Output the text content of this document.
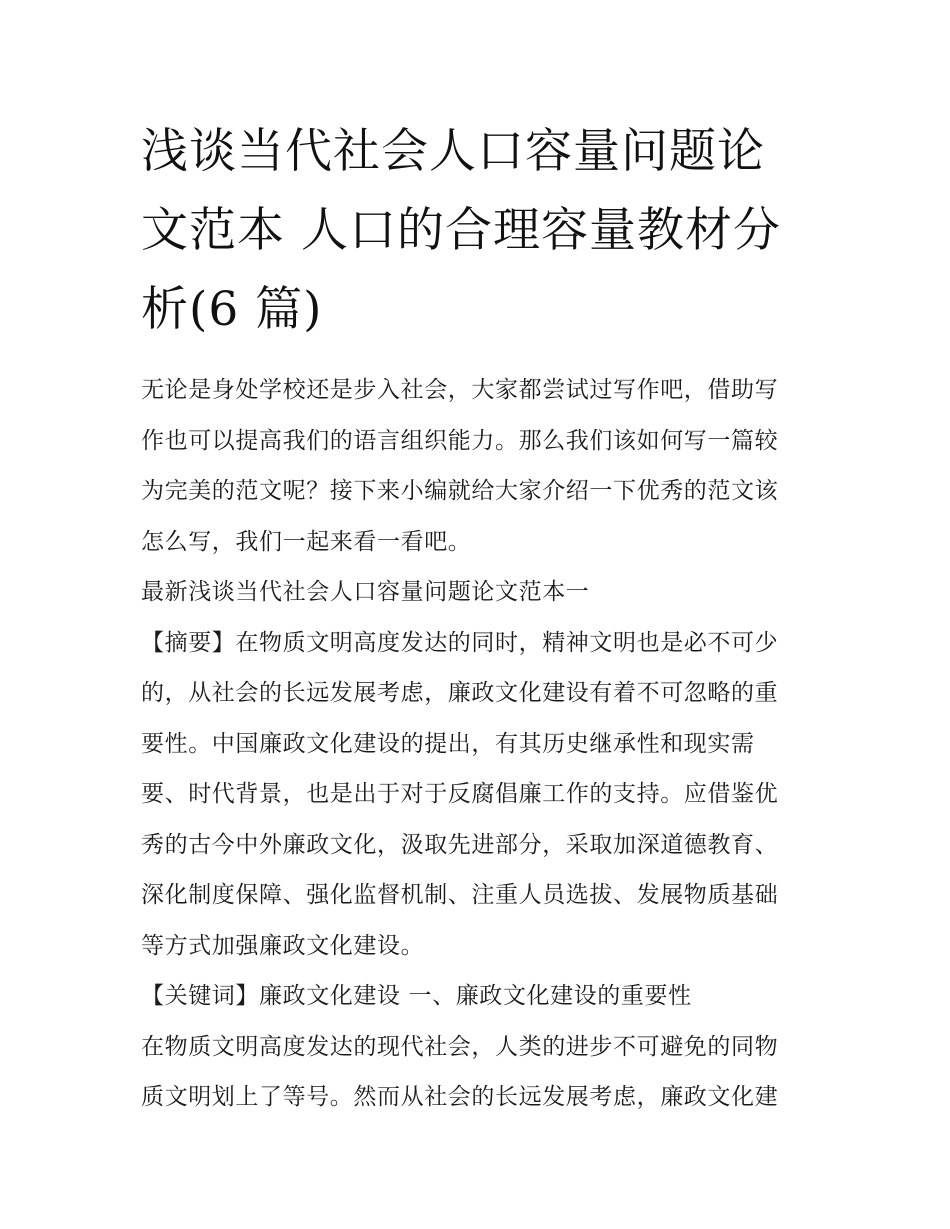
浅谈当代社会人口容量问题论
文范本 人口的合理容量教材分
析(6 篇)

无论是身处学校还是步入社会，大家都尝试过写作吧，借助写
作也可以提高我们的语言组织能力。那么我们该如何写一篇较
为完美的范文呢？接下来小编就给大家介绍一下优秀的范文该
怎么写，我们一起来看一看吧。

最新浅谈当代社会人口容量问题论文范本一

【摘要】在物质文明高度发达的同时，精神文明也是必不可少
的，从社会的长远发展考虑，廉政文化建设有着不可忽略的重
要性。中国廉政文化建设的提出，有其历史继承性和现实需
要、时代背景，也是出于对于反腐倡廉工作的支持。应借鉴优
秀的古今中外廉政文化，汲取先进部分，采取加深道德教育、
深化制度保障、强化监督机制、注重人员选拔、发展物质基础
等方式加强廉政文化建设。

【关键词】廉政文化建设 一、廉政文化建设的重要性

在物质文明高度发达的现代社会，人类的进步不可避免的同物
质文明划上了等号。然而从社会的长远发展考虑，廉政文化建
